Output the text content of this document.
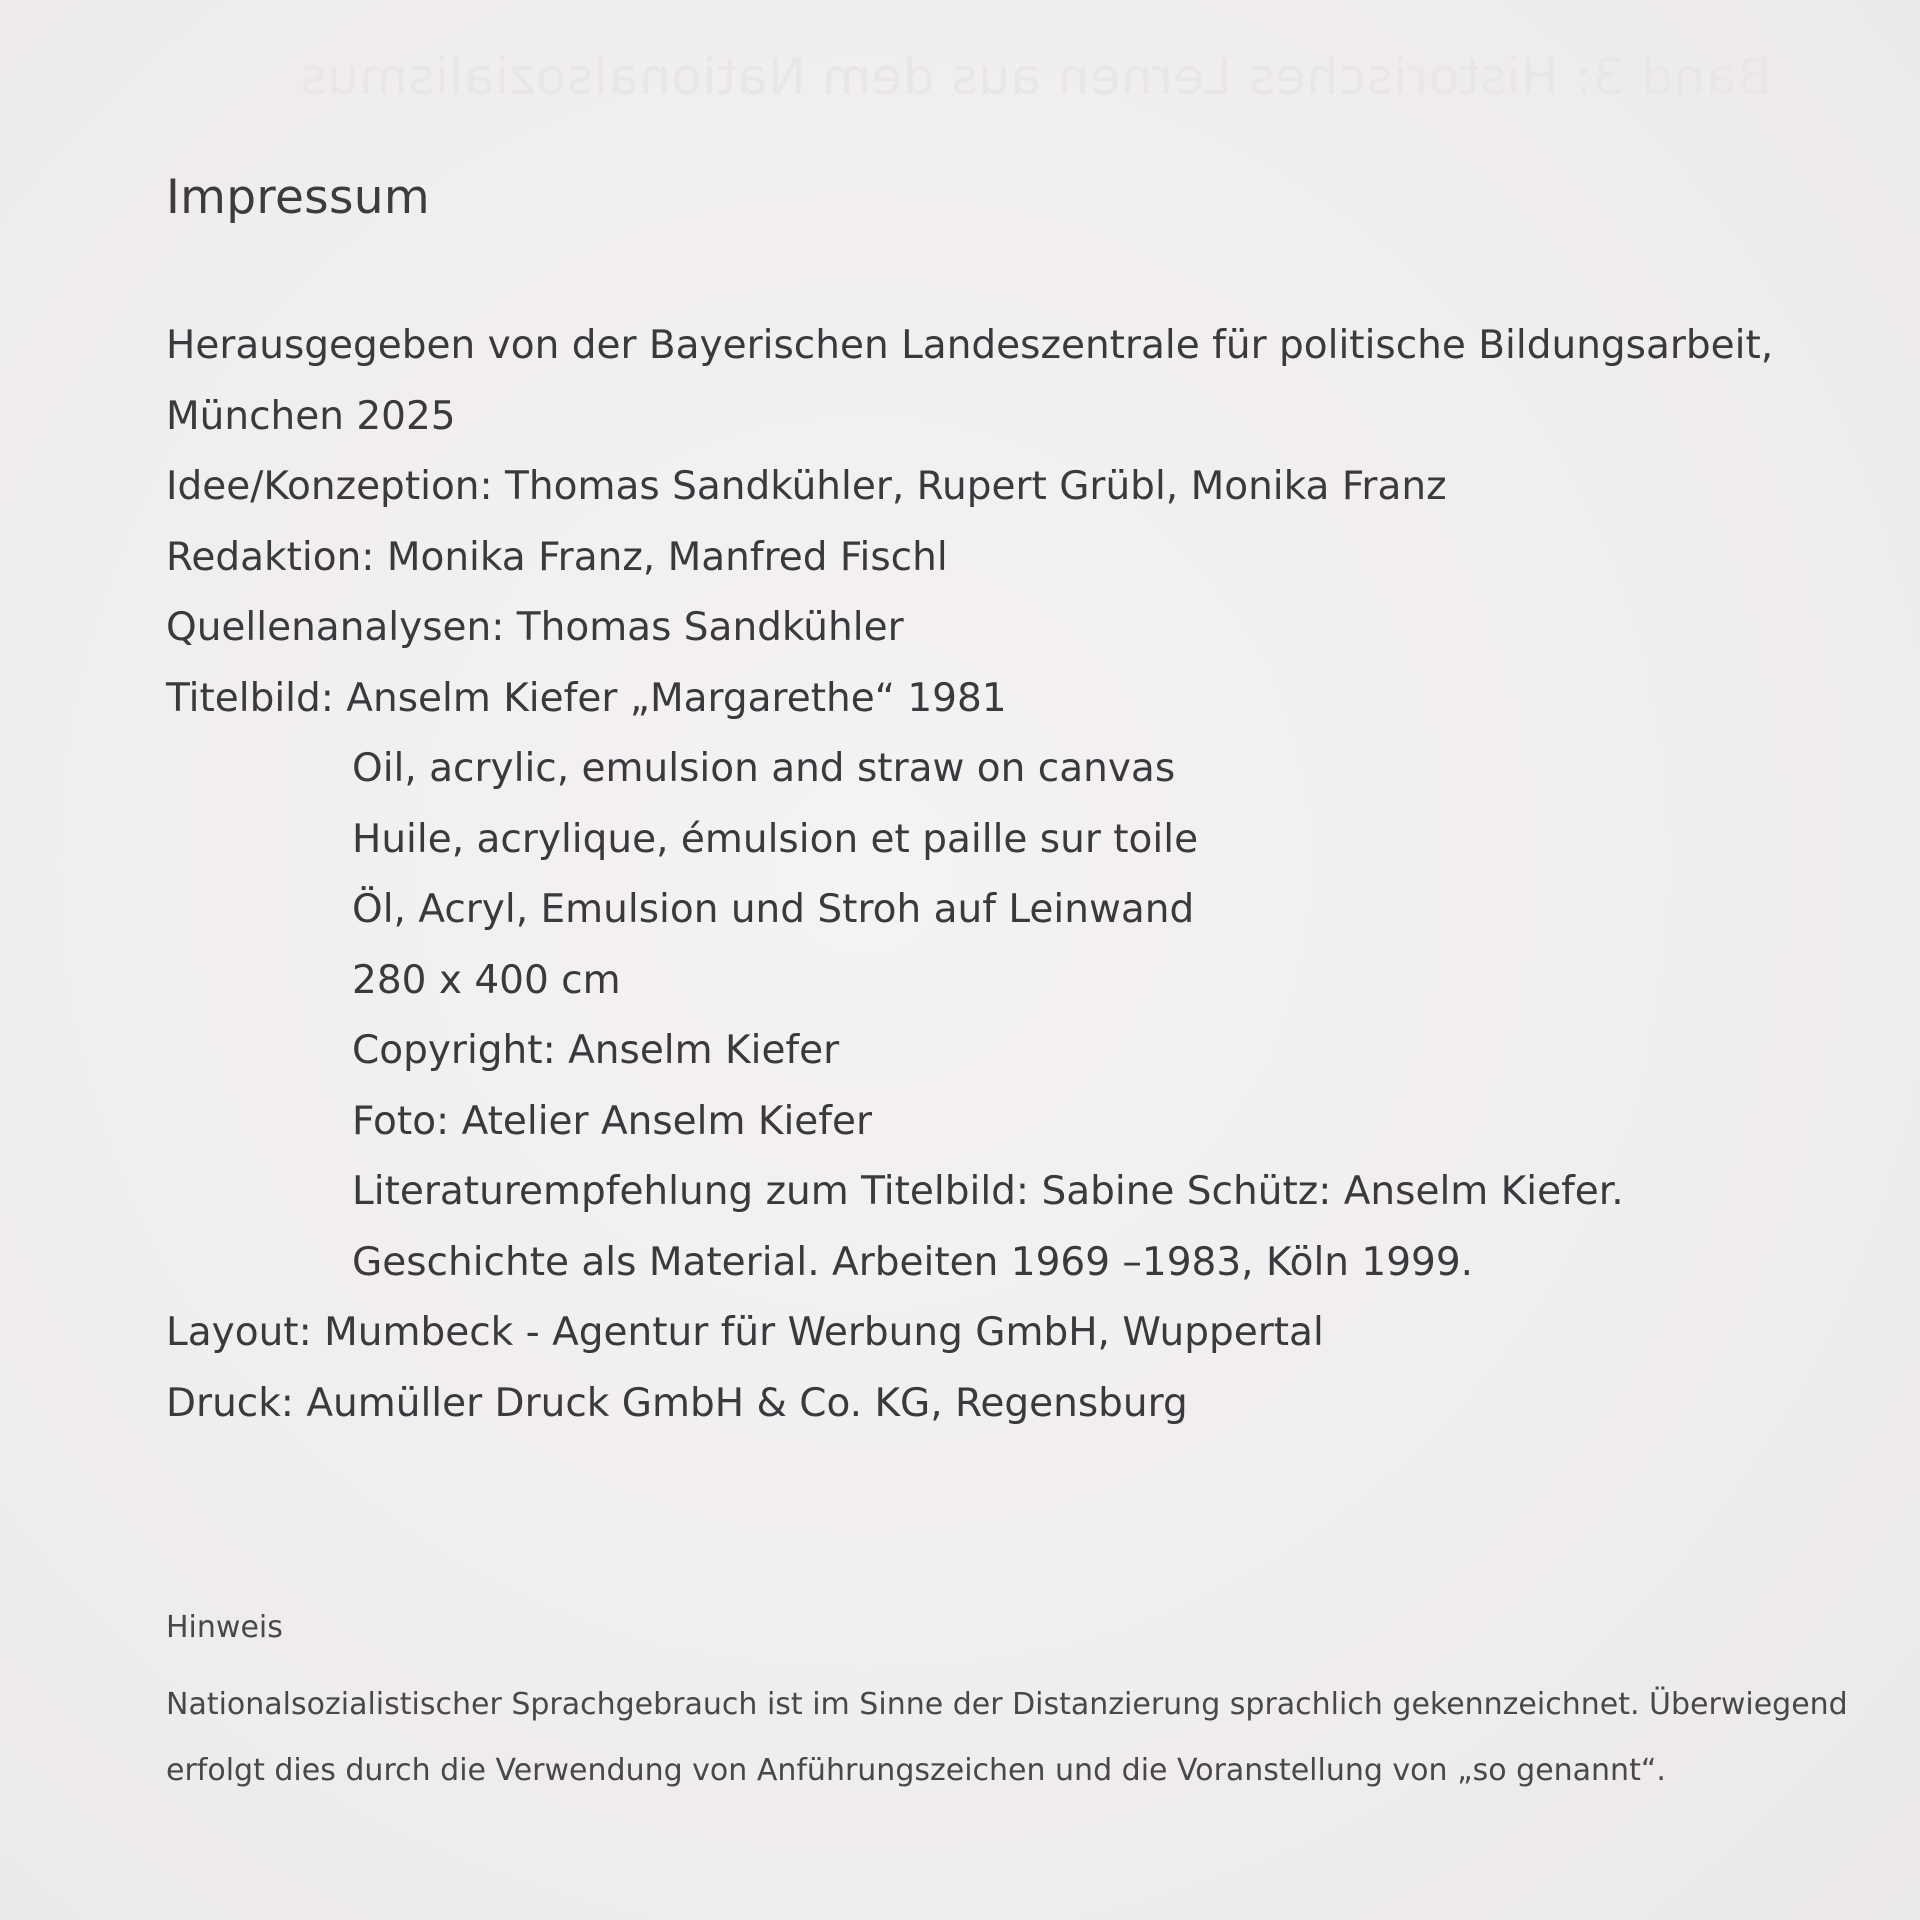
Band 3: Historisches Lernen aus dem Nationalsozialismus
Impressum
Herausgegeben von der Bayerischen Landeszentrale für politische Bildungsarbeit,
München 2025
Idee/Konzeption: Thomas Sandkühler, Rupert Grübl, Monika Franz
Redaktion: Monika Franz, Manfred Fischl
Quellenanalysen: Thomas Sandkühler
Titelbild: Anselm Kiefer „Margarethe“ 1981
Oil, acrylic, emulsion and straw on canvas
Huile, acrylique, émulsion et paille sur toile
Öl, Acryl, Emulsion und Stroh auf Leinwand
280 x 400 cm
Copyright: Anselm Kiefer
Foto: Atelier Anselm Kiefer
Literaturempfehlung zum Titelbild: Sabine Schütz: Anselm Kiefer.
Geschichte als Material. Arbeiten 1969 –1983, Köln 1999.
Layout: Mumbeck - Agentur für Werbung GmbH, Wuppertal
Druck: Aumüller Druck GmbH & Co. KG, Regensburg

Hinweis

Nationalsozialistischer Sprachgebrauch ist im Sinne der Distanzierung sprachlich gekennzeichnet. Überwiegend

erfolgt dies durch die Verwendung von Anführungszeichen und die Voranstellung von „so genannt“.
